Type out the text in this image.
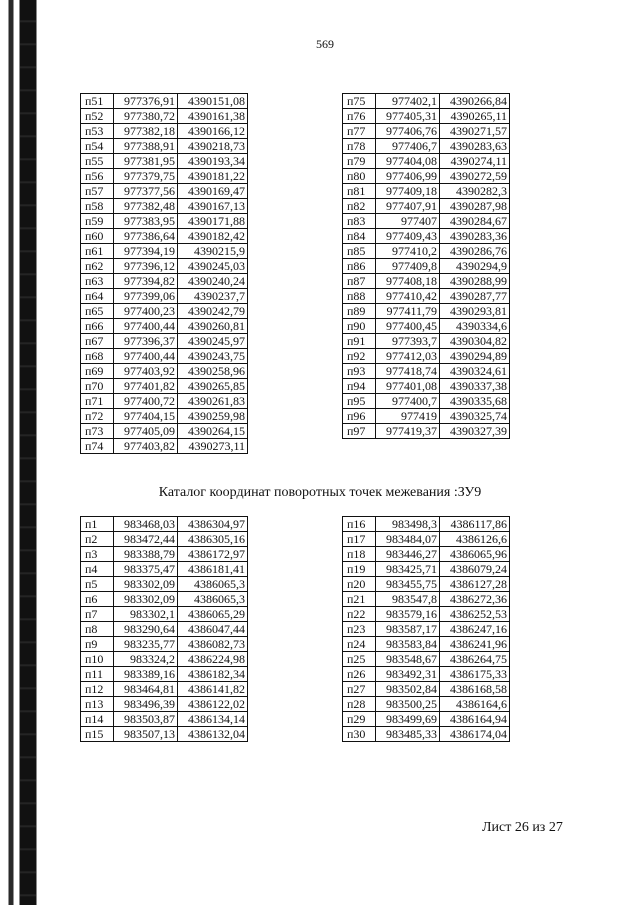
569
п51	977376,91	4390151,08
п52	977380,72	4390161,38
п53	977382,18	4390166,12
п54	977388,91	4390218,73
п55	977381,95	4390193,34
п56	977379,75	4390181,22
п57	977377,56	4390169,47
п58	977382,48	4390167,13
п59	977383,95	4390171,88
п60	977386,64	4390182,42
п61	977394,19	4390215,9
п62	977396,12	4390245,03
п63	977394,82	4390240,24
п64	977399,06	4390237,7
п65	977400,23	4390242,79
п66	977400,44	4390260,81
п67	977396,37	4390245,97
п68	977400,44	4390243,75
п69	977403,92	4390258,96
п70	977401,82	4390265,85
п71	977400,72	4390261,83
п72	977404,15	4390259,98
п73	977405,09	4390264,15
п74	977403,82	4390273,11
п75	977402,1	4390266,84
п76	977405,31	4390265,11
п77	977406,76	4390271,57
п78	977406,7	4390283,63
п79	977404,08	4390274,11
п80	977406,99	4390272,59
п81	977409,18	4390282,3
п82	977407,91	4390287,98
п83	977407	4390284,67
п84	977409,43	4390283,36
п85	977410,2	4390286,76
п86	977409,8	4390294,9
п87	977408,18	4390288,99
п88	977410,42	4390287,77
п89	977411,79	4390293,81
п90	977400,45	4390334,6
п91	977393,7	4390304,82
п92	977412,03	4390294,89
п93	977418,74	4390324,61
п94	977401,08	4390337,38
п95	977400,7	4390335,68
п96	977419	4390325,74
п97	977419,37	4390327,39
Каталог координат поворотных точек межевания :ЗУ9
п1	983468,03	4386304,97
п2	983472,44	4386305,16
п3	983388,79	4386172,97
п4	983375,47	4386181,41
п5	983302,09	4386065,3
п6	983302,09	4386065,3
п7	983302,1	4386065,29
п8	983290,64	4386047,44
п9	983235,77	4386082,73
п10	983324,2	4386224,98
п11	983389,16	4386182,34
п12	983464,81	4386141,82
п13	983496,39	4386122,02
п14	983503,87	4386134,14
п15	983507,13	4386132,04
п16	983498,3	4386117,86
п17	983484,07	4386126,6
п18	983446,27	4386065,96
п19	983425,71	4386079,24
п20	983455,75	4386127,28
п21	983547,8	4386272,36
п22	983579,16	4386252,53
п23	983587,17	4386247,16
п24	983583,84	4386241,96
п25	983548,67	4386264,75
п26	983492,31	4386175,33
п27	983502,84	4386168,58
п28	983500,25	4386164,6
п29	983499,69	4386164,94
п30	983485,33	4386174,04
Лист 26 из 27
